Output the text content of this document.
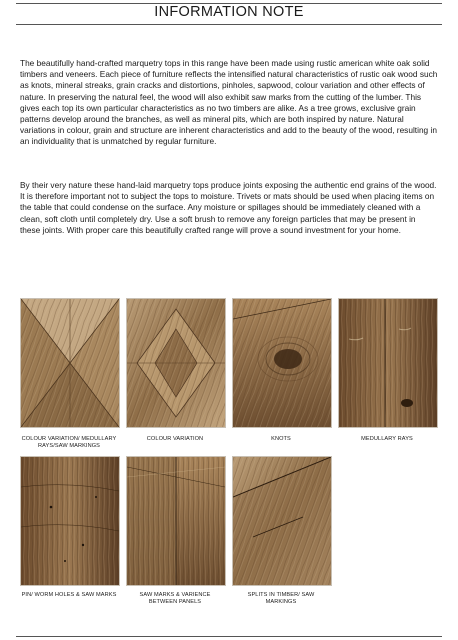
INFORMATION NOTE

The beautifully hand-crafted marquetry tops in this range have been made using rustic american white oak solid timbers and veneers. Each piece of furniture reflects the intensified natural characteristics of rustic oak wood such as knots, mineral streaks, grain cracks and distortions, pinholes, sapwood, colour variation and other effects of nature. In preserving the natural feel, the wood will also exhibit saw marks from the cutting of the lumber. This gives each top its own particular characteristics as no two timbers are alike. As a tree grows, exclusive grain patterns develop around the branches, as well as mineral pits, which are both inspired by nature. Natural variations in colour, grain and structure are inherent characteristics and add to the beauty of the wood, resulting in an individuality that is unmatched by regular furniture.

By their very nature these hand-laid marquetry tops produce joints exposing the authentic end grains of the wood. It is therefore important not to subject the tops to moisture. Trivets or mats should be used when placing items on the table that could condense on the surface. Any moisture or spillages should be immediately cleaned with a clean, soft cloth until completely dry. Use a soft brush to remove any foreign particles that may be present in these joints. With proper care this beautifully crafted range will prove a sound investment for your home.

COLOUR VARIATION/ MEDULLARY RAYS/SAW MARKINGS
COLOUR VARIATION	KNOTS	MEDULLARY RAYS
PIN/ WORM HOLES & SAW MARKS	SAW MARKS & VARIENCE BETWEEN PANELS
SPLITS IN TIMBER/ SAW MARKINGS
